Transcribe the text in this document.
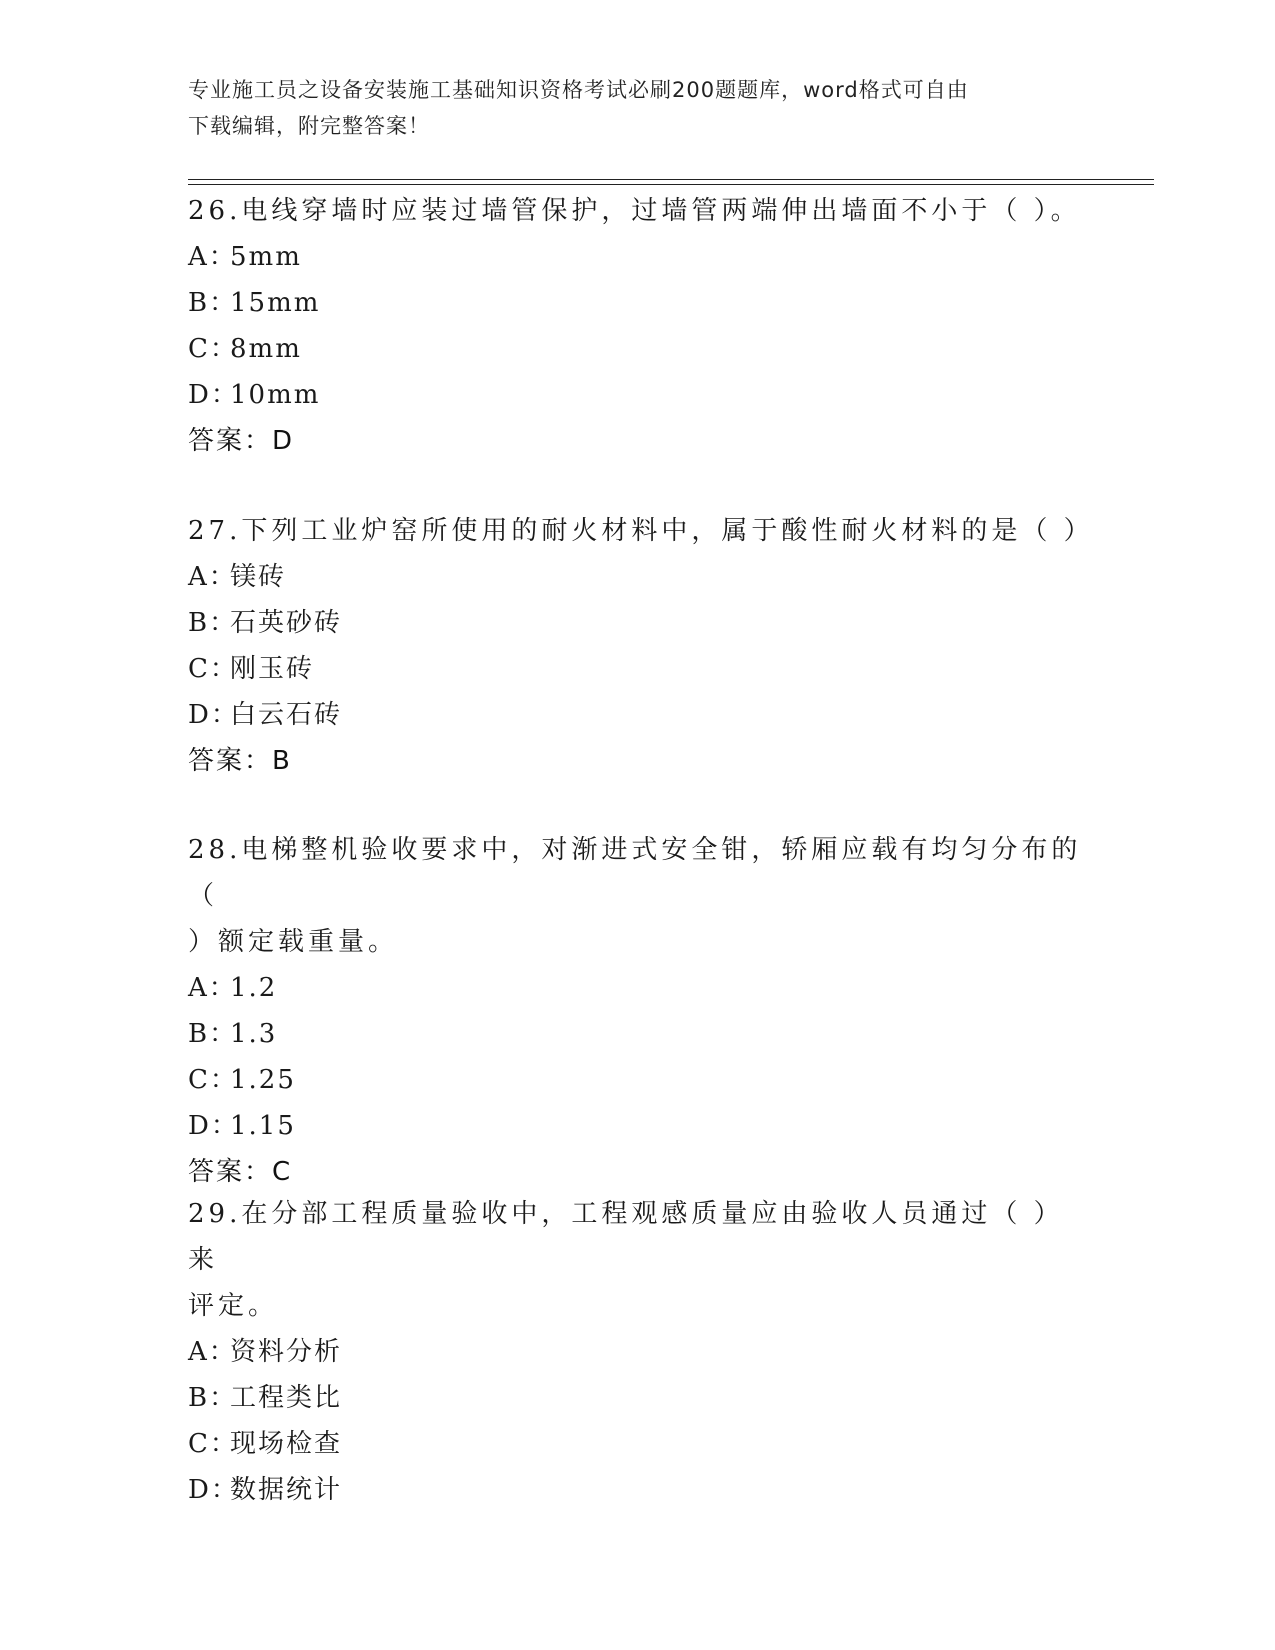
专业施工员之设备安装施工基础知识资格考试必刷200题题库，word格式可自由
下载编辑，附完整答案！

26.电线穿墙时应装过墙管保护，过墙管两端伸出墙面不小于（ ）。

A：
5mm

B：
15mm

C：
8mm

D：
10mm

答案：D

27.下列工业炉窑所使用的耐火材料中，属于酸性耐火材料的是（ ）

A：
镁砖

B：
石英砂砖

C：
刚玉砖

D：
白云石砖

答案：B

28.电梯整机验收要求中，对渐进式安全钳，轿厢应载有均匀分布的（

）额定载重量。

A：
1.2

B：
1.3

C：
1.25

D：
1.15

答案：C

29.在分部工程质量验收中，工程观感质量应由验收人员通过（ ）来

评定。

A：
资料分析

B：
工程类比

C：
现场检查

D：
数据统计
